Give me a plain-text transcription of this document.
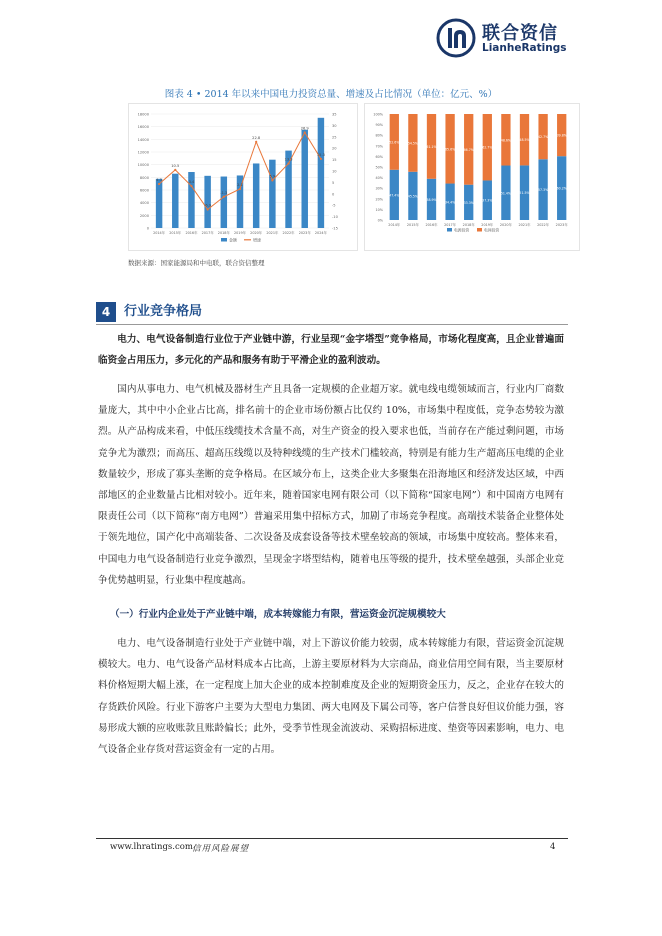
联合资信
LianheRatings
图表 4 • 2014 年以来中国电力投资总量、增速及占比情况（单位：亿元、%）
0
2000
4000
6000
8000
10000
12000
14000
16000
18000
-15
-10
-5
0
5
10
15
20
25
30
35
2014年 2015年 2016年 2017年 2018年 2019年 2020年 2021年 2022年 2023年 2024年
4.3
10.5
3.4
-6.9
-1.3
2.1
22.8
5.9
13.3
26.9
15.3
金额	增速
0%
10%
20%
30%
40%
50%
60%
70%
80%
90%
100%
47.4%
52.6%
2014年
45.5%
54.5%
2015年
38.9%
61.1%
2016年
34.4%
65.6%
2017年
33.3%
66.7%
2018年
37.3%
62.7%
2019年
51.4%
48.6%
2020年
51.5%
48.5%
2021年
57.3%
42.7%
2022年
60.2%
39.8%
2023年
电源投资	电网投资
数据来源：国家能源局和中电联，联合资信整理
4	行业竞争格局

电力、电气设备制造行业位于产业链中游，行业呈现“金字塔型”竞争格局，市场化程度高，且企业普遍面临资金占用压力，多元化的产品和服务有助于平滑企业的盈利波动。

国内从事电力、电气机械及器材生产且具备一定规模的企业超万家。就电线电缆领域而言，行业内厂商数量庞大，其中中小企业占比高，排名前十的企业市场份额占比仅约 10%，市场集中程度低，竞争态势较为激烈。从产品构成来看，中低压线缆技术含量不高，对生产资金的投入要求也低，当前存在产能过剩问题，市场竞争尤为激烈；而高压、超高压线缆以及特种线缆的生产技术门槛较高，特别是有能力生产超高压电缆的企业数量较少，形成了寡头垄断的竞争格局。在区域分布上，这类企业大多聚集在沿海地区和经济发达区域，中西部地区的企业数量占比相对较小。近年来，随着国家电网有限公司（以下简称“国家电网”）和中国南方电网有限责任公司（以下简称“南方电网”）普遍采用集中招标方式，加剧了市场竞争程度。高端技术装备企业整体处于领先地位，国产化中高端装备、二次设备及成套设备等技术壁垒较高的领域，市场集中度较高。整体来看，中国电力电气设备制造行业竞争激烈，呈现金字塔型结构，随着电压等级的提升，技术壁垒越强，头部企业竞争优势越明显，行业集中程度越高。

（一）行业内企业处于产业链中端，成本转嫁能力有限，营运资金沉淀规模较大

电力、电气设备制造行业处于产业链中端，对上下游议价能力较弱，成本转嫁能力有限，营运资金沉淀规模较大。电力、电气设备产品材料成本占比高，上游主要原材料为大宗商品，商业信用空间有限，当主要原材料价格短期大幅上涨，在一定程度上加大企业的成本控制难度及企业的短期资金压力，反之，企业存在较大的存货跌价风险。行业下游客户主要为大型电力集团、两大电网及下属公司等，客户信誉良好但议价能力强，容易形成大额的应收账款且账龄偏长；此外，受季节性现金流波动、采购招标进度、垫资等因素影响，电力、电气设备企业存货对营运资金有一定的占用。

www.lhratings.com 信用风险展望	4
